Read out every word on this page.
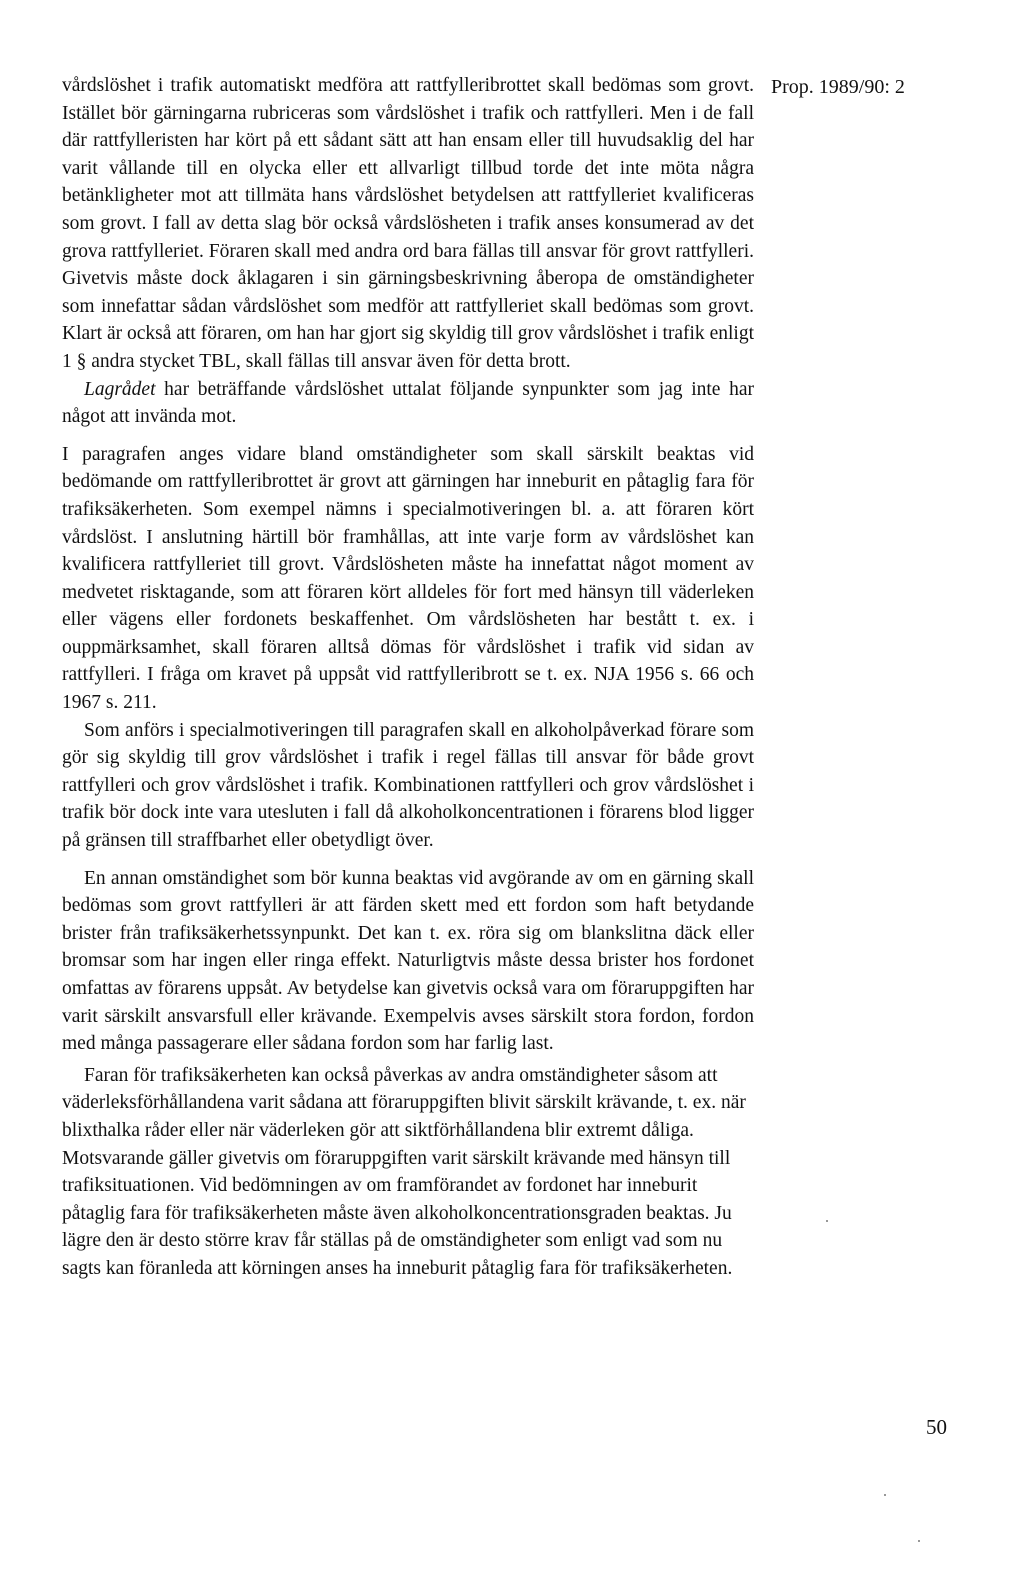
Prop. 1989/90: 2

vårdslöshet i trafik automatiskt medföra att rattfylleribrottet skall bedömas som grovt. Istället bör gärningarna rubriceras som vårdslöshet i trafik och rattfylleri. Men i de fall där rattfylleristen har kört på ett sådant sätt att han ensam eller till huvudsaklig del har varit vållande till en olycka eller ett allvarligt tillbud torde det inte möta några betänkligheter mot att tillmäta hans vårdslöshet betydelsen att rattfylleriet kvalificeras som grovt. I fall av detta slag bör också vårdslösheten i trafik anses konsumerad av det grova rattfylleriet. Föraren skall med andra ord bara fällas till ansvar för grovt rattfylleri. Givetvis måste dock åklagaren i sin gärningsbeskrivning åberopa de omständigheter som innefattar sådan vårdslöshet som medför att rattfylleriet skall bedömas som grovt. Klart är också att föraren, om han har gjort sig skyldig till grov vårdslöshet i trafik enligt 1 § andra stycket TBL, skall fällas till ansvar även för detta brott.

Lagrådet har beträffande vårdslöshet uttalat följande synpunkter som jag inte har något att invända mot.

I paragrafen anges vidare bland omständigheter som skall särskilt beaktas vid bedömande om rattfylleribrottet är grovt att gärningen har inneburit en påtaglig fara för trafiksäkerheten. Som exempel nämns i specialmotiveringen bl. a. att föraren kört vårdslöst. I anslutning härtill bör framhållas, att inte varje form av vårdslöshet kan kvalificera rattfylleriet till grovt. Vårdslösheten måste ha innefattat något moment av medvetet risktagande, som att föraren kört alldeles för fort med hänsyn till väderleken eller vägens eller fordonets beskaffenhet. Om vårdslösheten har bestått t. ex. i ouppmärksamhet, skall föraren alltså dömas för vårdslöshet i trafik vid sidan av rattfylleri. I fråga om kravet på uppsåt vid rattfylleribrott se t. ex. NJA 1956 s. 66 och 1967 s. 211.

Som anförs i specialmotiveringen till paragrafen skall en alkoholpåverkad förare som gör sig skyldig till grov vårdslöshet i trafik i regel fällas till ansvar för både grovt rattfylleri och grov vårdslöshet i trafik. Kombinationen rattfylleri och grov vårdslöshet i trafik bör dock inte vara utesluten i fall då alkoholkoncentrationen i förarens blod ligger på gränsen till straffbarhet eller obetydligt över.

En annan omständighet som bör kunna beaktas vid avgörande av om en gärning skall bedömas som grovt rattfylleri är att färden skett med ett fordon som haft betydande brister från trafiksäkerhetssynpunkt. Det kan t. ex. röra sig om blankslitna däck eller bromsar som har ingen eller ringa effekt. Naturligtvis måste dessa brister hos fordonet omfattas av förarens uppsåt. Av betydelse kan givetvis också vara om föraruppgiften har varit särskilt ansvarsfull eller krävande. Exempelvis avses särskilt stora fordon, fordon med många passagerare eller sådana fordon som har farlig last.

Faran för trafiksäkerheten kan också påverkas av andra omständigheter såsom att väderleksförhållandena varit sådana att föraruppgiften blivit särskilt krävande, t. ex. när blixthalka råder eller när väderleken gör att siktförhållandena blir extremt dåliga. Motsvarande gäller givetvis om föraruppgiften varit särskilt krävande med hänsyn till trafiksituationen. Vid bedömningen av om framförandet av fordonet har inneburit påtaglig fara för trafiksäkerheten måste även alkoholkoncentrationsgraden beaktas. Ju lägre den är desto större krav får ställas på de omständigheter som enligt vad som nu sagts kan föranleda att körningen anses ha inneburit påtaglig fara för trafiksäkerheten.

50
